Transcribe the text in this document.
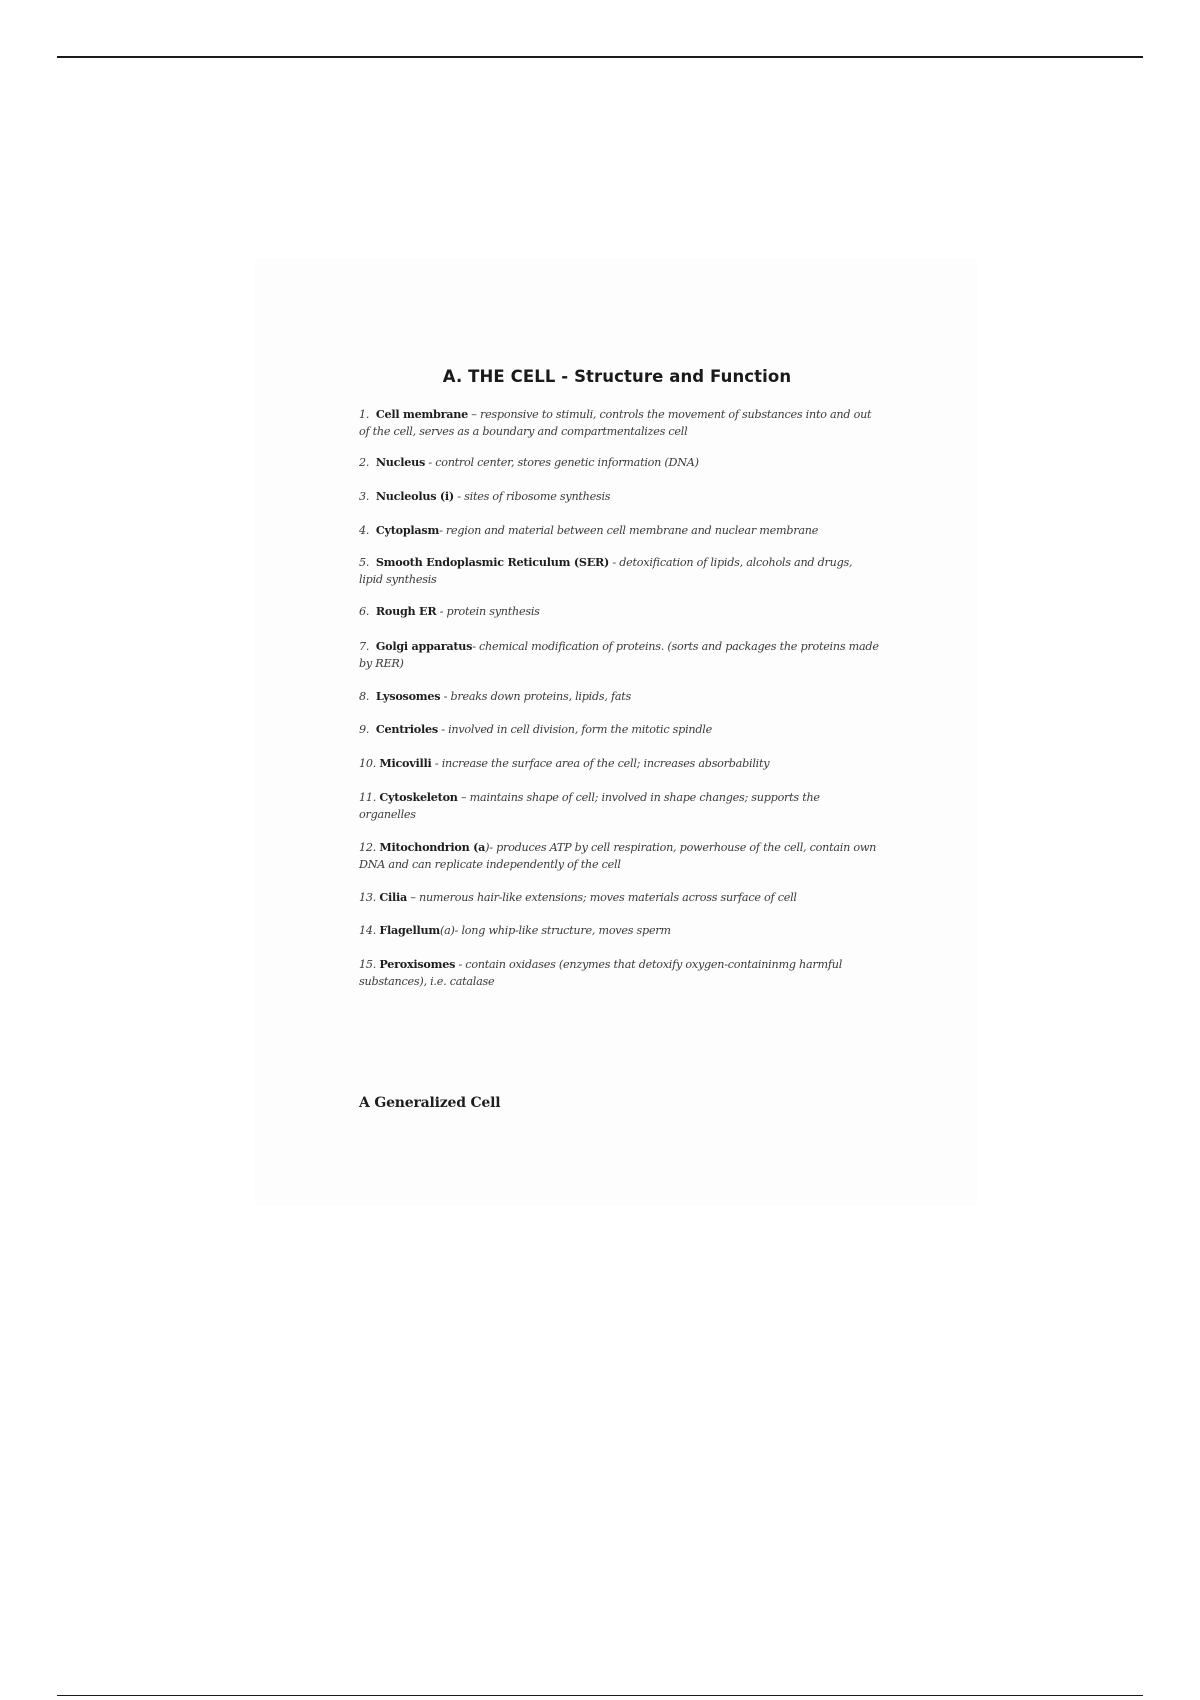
A. THE CELL - Structure and Function
1. Cell membrane – responsive to stimuli, controls the movement of substances into and out of the cell, serves as a boundary and compartmentalizes cell
2. Nucleus - control center, stores genetic information (DNA)
3. Nucleolus (i) - sites of ribosome synthesis
4. Cytoplasm- region and material between cell membrane and nuclear membrane
5. Smooth Endoplasmic Reticulum (SER) - detoxification of lipids, alcohols and drugs, lipid synthesis
6. Rough ER - protein synthesis
7. Golgi apparatus- chemical modification of proteins. (sorts and packages the proteins made by RER)
8. Lysosomes - breaks down proteins, lipids, fats
9. Centrioles - involved in cell division, form the mitotic spindle
10. Micovilli - increase the surface area of the cell; increases absorbability
11. Cytoskeleton – maintains shape of cell; involved in shape changes; supports the organelles
12. Mitochondrion (a)- produces ATP by cell respiration, powerhouse of the cell, contain own DNA and can replicate independently of the cell
13. Cilia – numerous hair-like extensions; moves materials across surface of cell
14. Flagellum(a)- long whip-like structure, moves sperm
15. Peroxisomes - contain oxidases (enzymes that detoxify oxygen-containinmg harmful substances), i.e. catalase
A Generalized Cell
